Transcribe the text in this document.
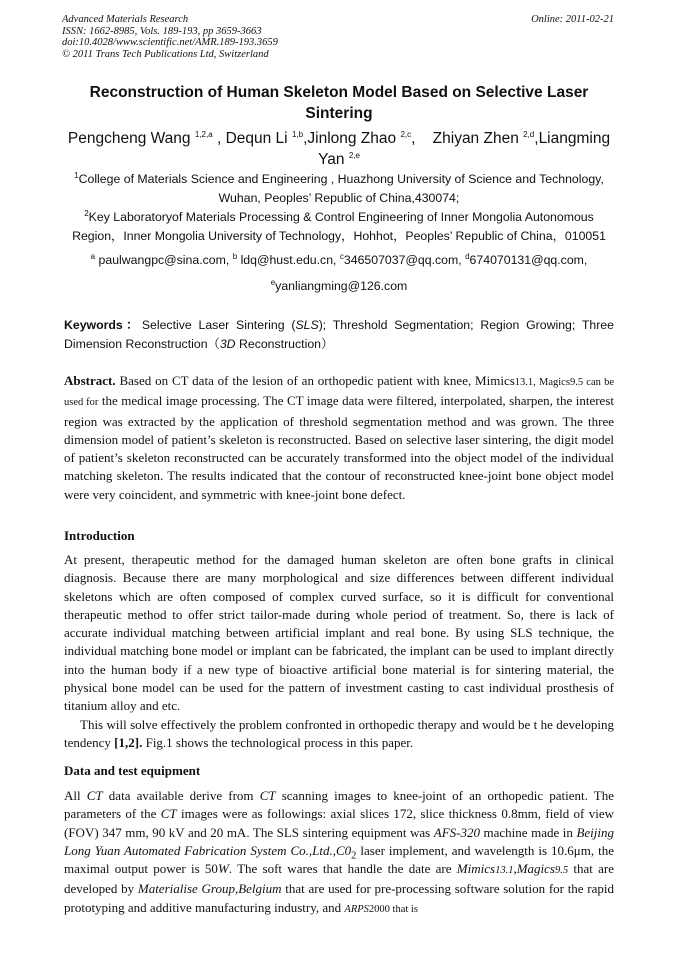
Advanced Materials Research
ISSN: 1662-8985, Vols. 189-193, pp 3659-3663
doi:10.4028/www.scientific.net/AMR.189-193.3659
© 2011 Trans Tech Publications Ltd, Switzerland
Online: 2011-02-21
Reconstruction of Human Skeleton Model Based on Selective Laser Sintering
Pengcheng Wang $^{1,2,a}$ , Dequn Li $^{1,b}$,Jinlong Zhao $^{2,c}$,    Zhiyan Zhen $^{2,d}$,Liangming Yan $^{2,e}$
$^1$College of Materials Science and Engineering , Huazhong University of Science and Technology, Wuhan, Peoples’ Republic of China,430074;
$^2$Key Laboratoryof Materials Processing & Control Engineering of Inner Mongolia Autonomous Region，Inner Mongolia University of Technology，Hohhot，Peoples’ Republic of China，010051
$^a$ paulwangpc@sina.com, $^b$ ldq@hust.edu.cn, $^c$346507037@qq.com, $^d$674070131@qq.com,
$^e$yanliangming@126.com
Keywords：Selective Laser Sintering (SLS); Threshold Segmentation; Region Growing; Three Dimension Reconstruction（3D Reconstruction）
Abstract. Based on CT data of the lesion of an orthopedic patient with knee, Mimics13.1, Magics9.5 can be used for the medical image processing. The CT image data were filtered, interpolated, sharpen, the interest region was extracted by the application of threshold segmentation method and was grown. The three dimension model of patient’s skeleton is reconstructed. Based on selective laser sintering, the digit model of patient’s skeleton reconstructed can be accurately transformed into the object model of the individual matching skeleton. The results indicated that the contour of reconstructed knee-joint bone object model were very coincident, and symmetric with knee-joint bone defect.
Introduction

At present, therapeutic method for the damaged human skeleton are often bone grafts in clinical diagnosis. Because there are many morphological and size differences between different individual skeletons which are often composed of complex curved surface, so it is difficult for conventional therapeutic method to offer strict tailor-made during whole period of treatment. So, there is lack of accurate individual matching between artificial implant and real bone. By using SLS technique, the individual matching bone model or implant can be fabricated, the implant can be used to implant directly into the human body if a new type of bioactive artificial bone material is for sintering material, the physical bone model can be used for the pattern of investment casting to cast individual prosthesis of titanium alloy and etc.

This will solve effectively the problem confronted in orthopedic therapy and would be t he developing tendency [1,2]. Fig.1 shows the technological process in this paper.

Data and test equipment
All CT data available derive from CT scanning images to knee-joint of an orthopedic patient. The parameters of the CT images were as followings: axial slices 172, slice thickness 0.8mm, field of view (FOV) 347 mm, 90 kV and 20 mA. The SLS sintering equipment was AFS-320 machine made in Beijing Long Yuan Automated Fabrication System $Co.,Ltd.,C0_2$ laser implement, and wavelength is 10.6μm, the maximal output power is 50W. The soft wares that handle the date are Mimics13.1,Magics9.5 that are developed by Materialise Group,Belgium that are used for pre-processing software solution for the rapid prototyping and additive manufacturing industry, and ARPS2000 that is
